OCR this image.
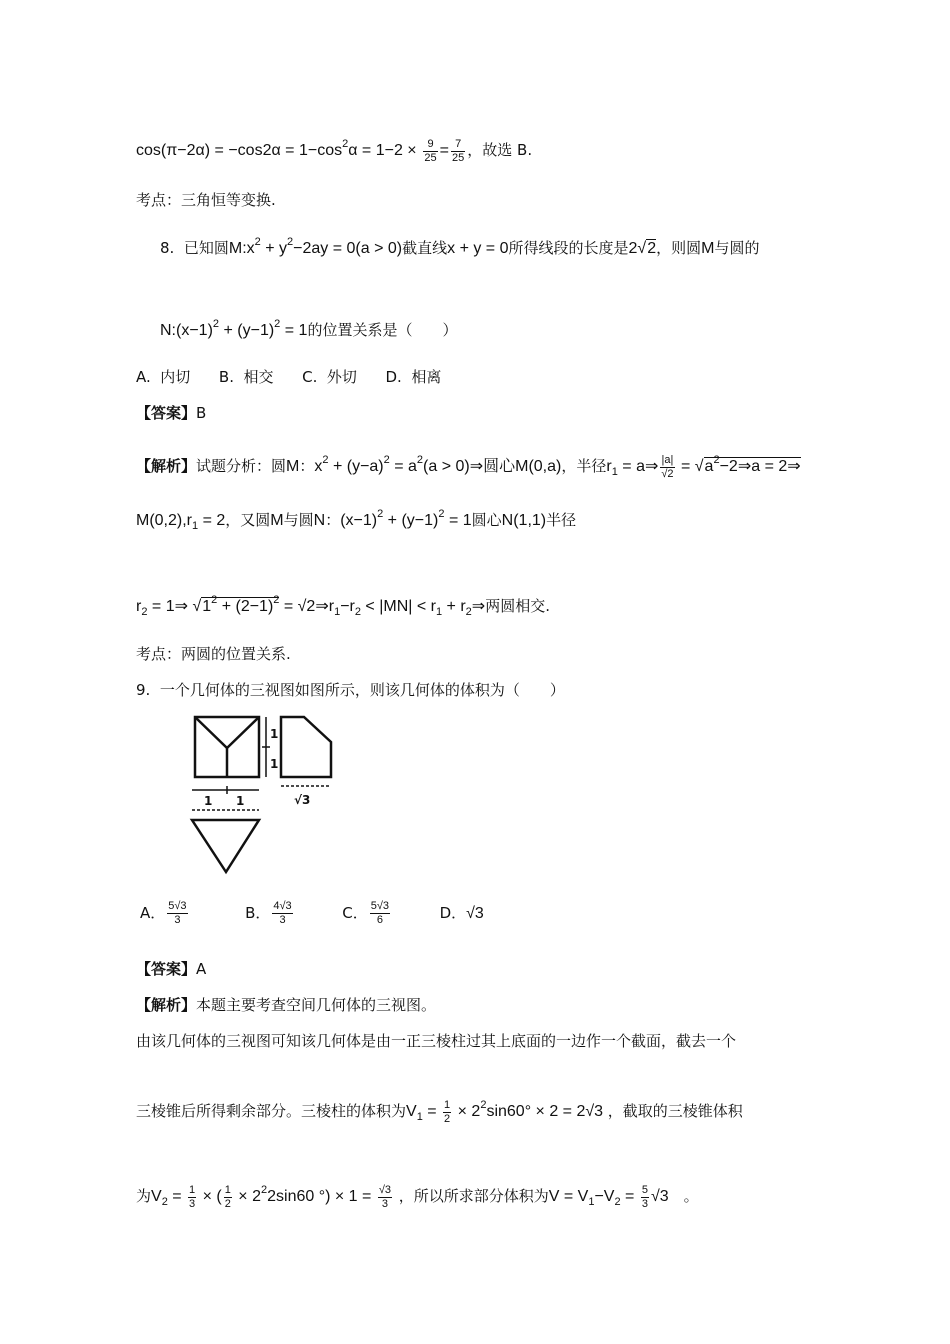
$\cos(\pi-2\alpha) = -\cos 2\alpha = 1-\cos^2\alpha = 1-2 \times \frac{9}{25} = \frac{7}{25}$ ，故选 B.
考点：三角恒等变换.
8. 已知圆$M:x^2 + y^2-2ay = 0(a > 0)$截直线x + y = 0所得线段的长度是2√2，则圆M与圆的
$N:(x-1)^2 + (y-1)^2 = 1$的位置关系是（　　）
A.  内切      B.  相交      C.  外切      D.  相离
【答案】B
【解析】试题分析：圆M：$x^2 + (y-a)^2 = a^2(a$ > 0)⇒圆心M(0,a)，半径$r_1$ = a⇒ $\frac{|a|}{√2}$ = $√a^2-2\Rightarrow a$ = 2⇒
$M(0,2),r_1 = 2$，又圆M与圆N：$(x-1)^2 + (y-1)^2 = 1$圆心N(1,1)半径
$r_2$ = 1⇒ $√1^2 + (2-1)^2$ = $√2\Rightarrow r_1-r_2 < |MN| < r_1$ + $r_2\Rightarrow$两圆相交.
考点：两圆的位置关系.
9. 一个几何体的三视图如图所示，则该几何体的体积为（　　）
1 1
1
1
√3
A． $\frac{5√3}{3}$	B． $\frac{4√3}{3}$	C． $\frac{5√3}{6}$	D．√3
【答案】A
【解析】本题主要考查空间几何体的三视图。
由该几何体的三视图可知该几何体是由一正三棱柱过其上底面的一边作一个截面，截去一个
三棱锥后所得剩余部分。三棱柱的体积为$V_1 = \frac{1}{2} \times 2^2\sin 60^\circ \times 2 = 2√3$ ，截取的三棱锥体积
为$V_2 = \frac{1}{3}$ × ( $\frac{1}{2} \times 2^22\sin 60$ °) × $1 = \frac{√3}{3}$ ，所以所求部分体积为$V = V_1-V_2 = \frac{5}{3} √3$　。
